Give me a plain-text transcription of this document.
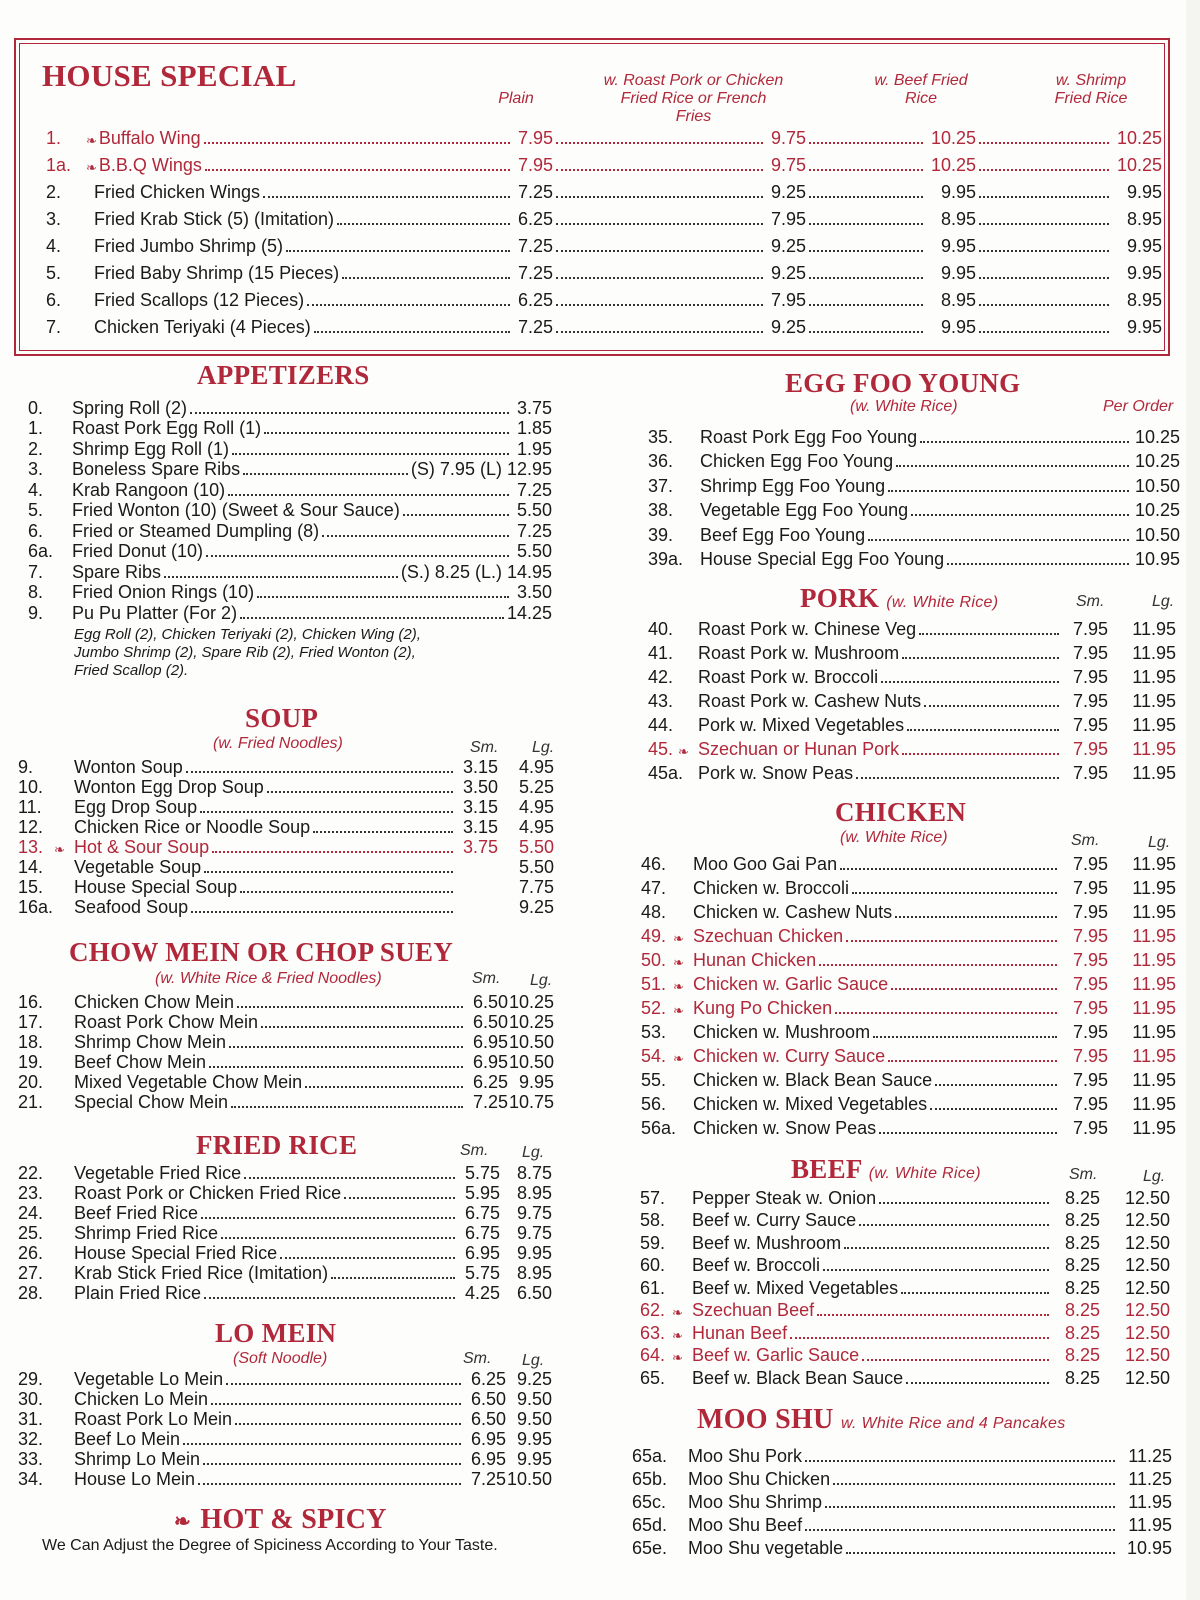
HOUSE SPECIAL
Plain
w. Roast Pork or Chicken Fried Rice or French Fries
w. Beef Fried Rice
w. Shrimp Fried Rice
1.	❧ Buffalo Wing	7.95	9.75	10.25	10.25
1a.	❧ B.B.Q Wings	7.95	9.75	10.25	10.25
2.	Fried Chicken Wings	7.25	9.25	9.95	9.95
3.	Fried Krab Stick (5) (Imitation)	6.25	7.95	8.95	8.95
4.	Fried Jumbo Shrimp (5)	7.25	9.25	9.95	9.95
5.	Fried Baby Shrimp (15 Pieces)	7.25	9.25	9.95	9.95
6.	Fried Scallops (12 Pieces)	6.25	7.95	8.95	8.95
7.	Chicken Teriyaki (4 Pieces)	7.25	9.25	9.95	9.95
APPETIZERS
0.	Spring Roll (2)	3.75
1.	Roast Pork Egg Roll (1)	1.85
2.	Shrimp Egg Roll (1)	1.95
3.	Boneless Spare Ribs	(S) 7.95 (L) 12.95
4.	Krab Rangoon (10)	7.25
5.	Fried Wonton (10) (Sweet & Sour Sauce)	5.50
6.	Fried or Steamed Dumpling (8)	7.25
6a.	Fried Donut (10)	5.50
7.	Spare Ribs	(S.) 8.25 (L.) 14.95
8.	Fried Onion Rings (10)	3.50
9.	Pu Pu Platter (For 2)	14.25
Egg Roll (2), Chicken Teriyaki (2), Chicken Wing (2),
Jumbo Shrimp (2), Spare Rib (2), Fried Wonton (2),
Fried Scallop (2).
SOUP
(w. Fried Noodles)	Sm. Lg.
9.	Wonton Soup	3.15	4.95
10.	Wonton Egg Drop Soup	3.50	5.25
11.	Egg Drop Soup	3.15	4.95
12.	Chicken Rice or Noodle Soup	3.15	4.95
13. ❧ Hot & Sour Soup	3.75	5.50
14.	Vegetable Soup	5.50
15.	House Special Soup	7.75
16a.	Seafood Soup	9.25
CHOW MEIN OR CHOP SUEY
(w. White Rice & Fried Noodles)	Sm. Lg.
16.	Chicken Chow Mein	6.50 10.25
17.	Roast Pork Chow Mein	6.50 10.25
18.	Shrimp Chow Mein	6.95 10.50
19.	Beef Chow Mein	6.95 10.50
20.	Mixed Vegetable Chow Mein	6.25 9.95
21.	Special Chow Mein	7.25 10.75
FRIED RICE	Sm. Lg.
22.	Vegetable Fried Rice	5.75 8.75
23.	Roast Pork or Chicken Fried Rice	5.95 8.95
24.	Beef Fried Rice	6.75 9.75
25.	Shrimp Fried Rice	6.75 9.75
26.	House Special Fried Rice	6.95 9.95
27.	Krab Stick Fried Rice (Imitation)	5.75 8.95
28.	Plain Fried Rice	4.25 6.50
LO MEIN
(Soft Noodle)	Sm. Lg.
29.	Vegetable Lo Mein	6.25 9.25
30.	Chicken Lo Mein	6.50 9.50
31.	Roast Pork Lo Mein	6.50 9.50
32.	Beef Lo Mein	6.95 9.95
33.	Shrimp Lo Mein	6.95 9.95
34.	House Lo Mein	7.25 10.50
❧ HOT & SPICY
We Can Adjust the Degree of Spiciness According to Your Taste.
EGG FOO YOUNG
(w. White Rice)	Per Order
35.	Roast Pork Egg Foo Young	10.25
36.	Chicken Egg Foo Young	10.25
37.	Shrimp Egg Foo Young	10.50
38.	Vegetable Egg Foo Young	10.25
39.	Beef Egg Foo Young	10.50
39a. House Special Egg Foo Young	10.95
PORK (w. White Rice)	Sm.	Lg.
40.	Roast Pork w. Chinese Veg	7.95	11.95
41.	Roast Pork w. Mushroom	7.95	11.95
42.	Roast Pork w. Broccoli	7.95	11.95
43.	Roast Pork w. Cashew Nuts	7.95	11.95
44.	Pork w. Mixed Vegetables	7.95	11.95
45. ❧ Szechuan or Hunan Pork	7.95	11.95
45a. Pork w. Snow Peas	7.95	11.95
CHICKEN
(w. White Rice)	Sm.	Lg.
46.	Moo Goo Gai Pan	7.95	11.95
47.	Chicken w. Broccoli	7.95	11.95
48.	Chicken w. Cashew Nuts	7.95	11.95
49. ❧ Szechuan Chicken	7.95	11.95
50. ❧ Hunan Chicken	7.95	11.95
51. ❧ Chicken w. Garlic Sauce	7.95	11.95
52. ❧ Kung Po Chicken	7.95	11.95
53.	Chicken w. Mushroom	7.95	11.95
54. ❧ Chicken w. Curry Sauce	7.95	11.95
55.	Chicken w. Black Bean Sauce	7.95	11.95
56.	Chicken w. Mixed Vegetables	7.95	11.95
56a. Chicken w. Snow Peas	7.95	11.95
BEEF (w. White Rice)	Sm.	Lg.
57.	Pepper Steak w. Onion	8.25	12.50
58.	Beef w. Curry Sauce	8.25	12.50
59.	Beef w. Mushroom	8.25	12.50
60.	Beef w. Broccoli	8.25	12.50
61.	Beef w. Mixed Vegetables	8.25	12.50
62. ❧ Szechuan Beef	8.25	12.50
63. ❧ Hunan Beef	8.25	12.50
64. ❧ Beef w. Garlic Sauce	8.25	12.50
65.	Beef w. Black Bean Sauce	8.25	12.50
MOO SHU w. White Rice and 4 Pancakes
65a.	Moo Shu Pork	11.25
65b.	Moo Shu Chicken	11.25
65c.	Moo Shu Shrimp	11.95
65d.	Moo Shu Beef	11.95
65e.	Moo Shu vegetable	10.95
